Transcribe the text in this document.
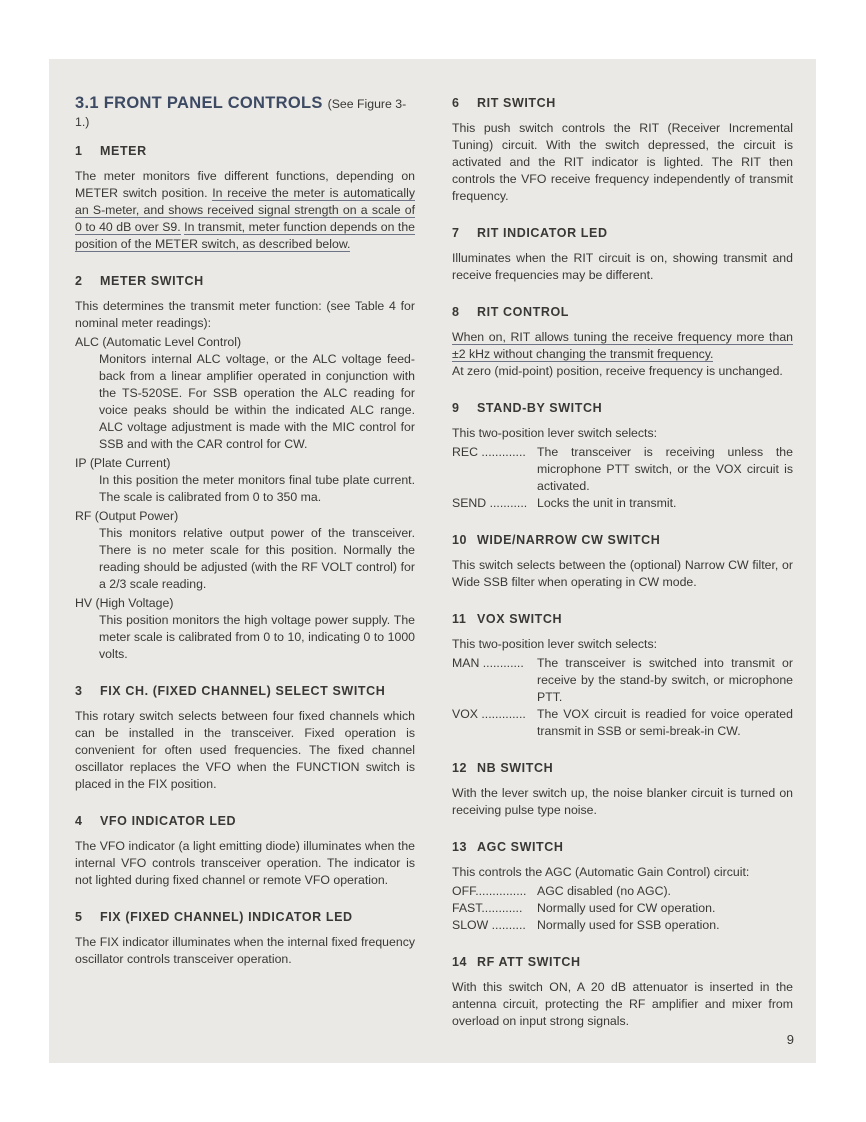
3.1 FRONT PANEL CONTROLS (See Figure 3-1.)
1 METER

The meter monitors five different functions, depending on METER switch position. In receive the meter is automatically an S-meter, and shows received signal strength on a scale of 0 to 40 dB over S9. In transmit, meter function depends on the position of the METER switch, as described below.

2 METER SWITCH

This determines the transmit meter function: (see Table 4 for nominal meter readings):

ALC (Automatic Level Control)
Monitors internal ALC voltage, or the ALC voltage feed-back from a linear amplifier operated in conjunction with the TS-520SE. For SSB operation the ALC reading for voice peaks should be within the indicated ALC range. ALC voltage adjustment is made with the MIC control for SSB and with the CAR control for CW.
IP (Plate Current)
In this position the meter monitors final tube plate current. The scale is calibrated from 0 to 350 ma.
RF (Output Power)
This monitors relative output power of the transceiver. There is no meter scale for this position. Normally the reading should be adjusted (with the RF VOLT control) for a 2/3 scale reading.
HV (High Voltage)
This position monitors the high voltage power supply. The meter scale is calibrated from 0 to 10, indicating 0 to 1000 volts.
3 FIX CH. (FIXED CHANNEL) SELECT SWITCH

This rotary switch selects between four fixed channels which can be installed in the transceiver. Fixed operation is convenient for often used frequencies. The fixed channel oscillator replaces the VFO when the FUNCTION switch is placed in the FIX position.

4 VFO INDICATOR LED

The VFO indicator (a light emitting diode) illuminates when the internal VFO controls transceiver operation. The indicator is not lighted during fixed channel or remote VFO operation.

5 FIX (FIXED CHANNEL) INDICATOR LED

The FIX indicator illuminates when the internal fixed frequency oscillator controls transceiver operation.

6 RIT SWITCH

This push switch controls the RIT (Receiver Incremental Tuning) circuit. With the switch depressed, the circuit is activated and the RIT indicator is lighted. The RIT then controls the VFO receive frequency independently of transmit frequency.

7 RIT INDICATOR LED

Illuminates when the RIT circuit is on, showing transmit and receive frequencies may be different.

8 RIT CONTROL

When on, RIT allows tuning the receive frequency more than ±2 kHz without changing the transmit frequency.

At zero (mid-point) position, receive frequency is unchanged.

9 STAND-BY SWITCH

This two-position lever switch selects:

REC ............. The transceiver is receiving unless the microphone PTT switch, or the VOX circuit is activated.
SEND ........... Locks the unit in transmit.
10 WIDE/NARROW CW SWITCH

This switch selects between the (optional) Narrow CW filter, or Wide SSB filter when operating in CW mode.

11 VOX SWITCH

This two-position lever switch selects:

MAN ............	The transceiver is switched into transmit or receive by the stand-by switch, or microphone PTT.
VOX ............. The VOX circuit is readied for voice operated transmit in SSB or semi-break-in CW.
12 NB SWITCH

With the lever switch up, the noise blanker circuit is turned on receiving pulse type noise.

13 AGC SWITCH

This controls the AGC (Automatic Gain Control) circuit:

OFF............... AGC disabled (no AGC).
FAST............	Normally used for CW operation.
SLOW .......... Normally used for SSB operation.
14 RF ATT SWITCH

With this switch ON, A 20 dB attenuator is inserted in the antenna circuit, protecting the RF amplifier and mixer from overload on input strong signals.

9
